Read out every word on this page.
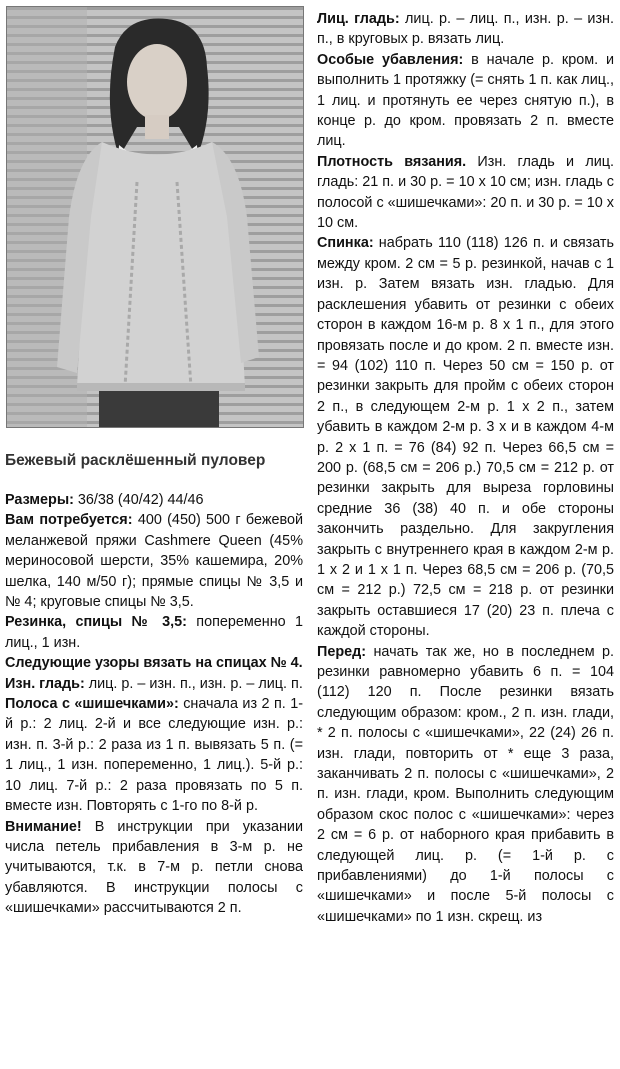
Бежевый расклёшенный пуловер

Размеры: 36/38 (40/42) 44/46

Вам потребуется: 400 (450) 500 г бежевой меланжевой пряжи Cashmere Queen (45% мериносовой шерсти, 35% кашемира, 20% шелка, 140 м/50 г); прямые спицы № 3,5 и № 4; круговые спицы № 3,5.

Резинка, спицы № 3,5: попеременно 1 лиц., 1 изн.

Следующие узоры вязать на спицах № 4.

Изн. гладь: лиц. р. – изн. п., изн. р. – лиц. п.

Полоса с «шишечками»: сначала из 2 п. 1-й р.: 2 лиц. 2-й и все следующие изн. р.: изн. п. 3-й р.: 2 раза из 1 п. вывязать 5 п. (= 1 лиц., 1 изн. попеременно, 1 лиц.). 5-й р.: 10 лиц. 7-й р.: 2 раза провязать по 5 п. вместе изн. Повторять с 1-го по 8-й р.

Внимание! В инструкции при указании числа петель прибавления в 3-м р. не учитываются, т.к. в 7-м р. петли снова убавляются. В инструкции полосы с «шишечками» рассчитываются 2 п.

Лиц. гладь: лиц. р. – лиц. п., изн. р. – изн. п., в круговых р. вязать лиц.

Особые убавления: в начале р. кром. и выполнить 1 протяжку (= снять 1 п. как лиц., 1 лиц. и протянуть ее через снятую п.), в конце р. до кром. провязать 2 п. вместе лиц.

Плотность вязания. Изн. гладь и лиц. гладь: 21 п. и 30 р. = 10 х 10 см; изн. гладь с полосой с «шишечками»: 20 п. и 30 р. = 10 х 10 см.

Спинка: набрать 110 (118) 126 п. и связать между кром. 2 см = 5 р. резинкой, начав с 1 изн. р. Затем вязать изн. гладью. Для расклешения убавить от резинки с обеих сторон в каждом 16-м р. 8 х 1 п., для этого провязать после и до кром. 2 п. вместе изн. = 94 (102) 110 п. Через 50 см = 150 р. от резинки закрыть для пройм с обеих сторон 2 п., в следующем 2-м р. 1 х 2 п., затем убавить в каждом 2-м р. 3 х и в каждом 4-м р. 2 х 1 п. = 76 (84) 92 п. Через 66,5 см = 200 р. (68,5 см = 206 р.) 70,5 см = 212 р. от резинки закрыть для выреза горловины средние 36 (38) 40 п. и обе стороны закончить раздельно. Для закругления закрыть с внутреннего края в каждом 2-м р. 1 х 2 и 1 х 1 п. Через 68,5 см = 206 р. (70,5 см = 212 р.) 72,5 см = 218 р. от резинки закрыть оставшиеся 17 (20) 23 п. плеча с каждой стороны.

Перед: начать так же, но в последнем р. резинки равномерно убавить 6 п. = 104 (112) 120 п. После резинки вязать следующим образом: кром., 2 п. изн. глади, * 2 п. полосы с «шишечками», 22 (24) 26 п. изн. глади, повторить от * еще 3 раза, заканчивать 2 п. полосы с «шишечками», 2 п. изн. глади, кром. Выполнить следующим образом скос полос с «шишечками»: через 2 см = 6 р. от наборного края прибавить в следующей лиц. р. (= 1-й р. с прибавлениями) до 1-й полосы с «шишечками» и после 5-й полосы с «шишечками» по 1 изн. скрещ. из
